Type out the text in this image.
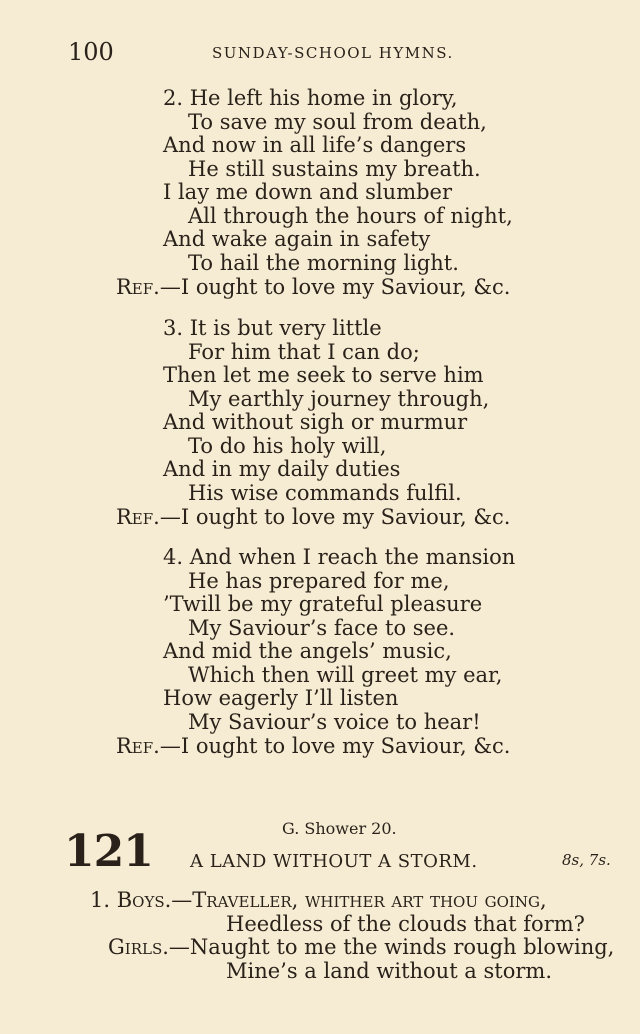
100	SUNDAY-SCHOOL HYMNS.
2. He left his home in glory,
To save my soul from death,
And now in all life’s dangers
He still sustains my breath.
I lay me down and slumber
All through the hours of night,
And wake again in safety
To hail the morning light.
Ref.—I ought to love my Saviour, &c.
3. It is but very little
For him that I can do;
Then let me seek to serve him
My earthly journey through,
And without sigh or murmur
To do his holy will,
And in my daily duties
His wise commands fulfil.
Ref.—I ought to love my Saviour, &c.
4. And when I reach the mansion
He has prepared for me,
’Twill be my grateful pleasure
My Saviour’s face to see.
And mid the angels’ music,
Which then will greet my ear,
How eagerly I’ll listen
My Saviour’s voice to hear!
Ref.—I ought to love my Saviour, &c.
121	G. Shower 20.
A LAND WITHOUT A STORM.	8s, 7s.
1. Boys.—Traveller, whither art thou going,
Heedless of the clouds that form?
Girls.—Naught to me the winds rough blowing,
Mine’s a land without a storm.
